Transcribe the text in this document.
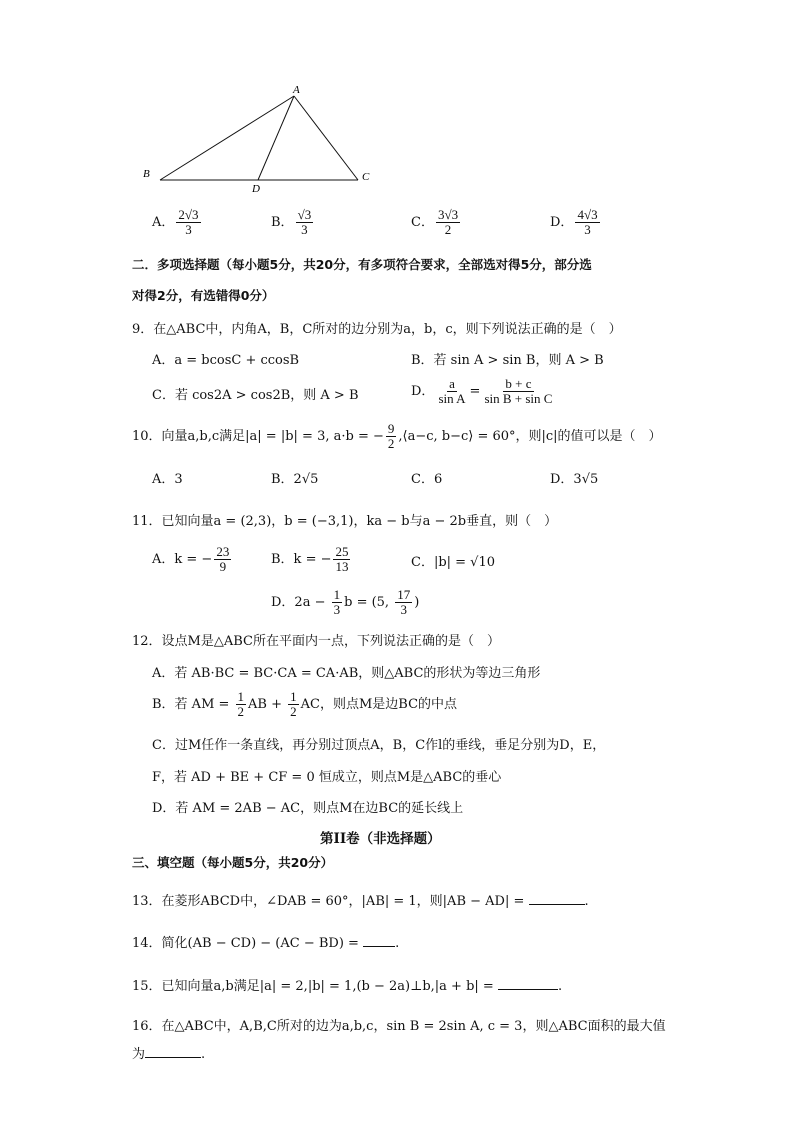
A
B	C
D
A． $\frac{2√3}{3}$	B． $\frac{√3}{3}$	C． $\frac{3√3}{2}$	D． $\frac{4√3}{3}$
二．多项选择题（每小题5分，共20分，有多项符合要求，全部选对得5分，部分选
对得2分，有选错得0分）
9．在△ABC中，内角A，B，C所对的边分别为a，b，c，则下列说法正确的是（　）
A．a = bcosC + ccosB	B．若 sin A > sin B，则 A > B
C．若 cos2A > cos2B，则 A > B	D． $\frac{a}{\text{sin A}} = \frac{b + c}{\text{sin B + sin C}}$
10．向量a,b,c满足|a| = |b| = 3, a·b = − $\frac{9}{2}$ ,⟨a−c, b−c⟩ = 60°，则|c|的值可以是（　）
A．3	B．2√5	C．6	D．3√5
11．已知向量a = (2,3)，b = (−3,1)，ka − b与a − 2b垂直，则（　）
A．k = − $\frac{23}{9}$	B．k = − $\frac{25}{13}$	C．|b| = √10
D．$2a - \frac{1}{3}$ b = (5, $\frac{17}{3}$ )
12．设点M是△ABC所在平面内一点，下列说法正确的是（　）
A．若 AB·BC = BC·CA = CA·AB，则△ABC的形状为等边三角形
B．若 AM = $\frac{1}{2}$ AB + $\frac{1}{2}$ AC，则点M是边BC的中点
C．过M任作一条直线，再分别过顶点A，B，C作l的垂线，垂足分别为D，E，
F，若 AD + BE + CF = 0 恒成立，则点M是△ABC的垂心
D．若 AM = 2AB − AC，则点M在边BC的延长线上
第II卷（非选择题）
三、填空题（每小题5分，共20分）
13．在菱形ABCD中，∠DAB = 60°，|AB| = 1，则|AB − AD| =	.
14．简化(AB − CD) − (AC − BD) = .
15．已知向量a,b满足|a| = 2,|b| = 1,(b − 2a)⊥b,|a + b| =	.
16．在△ABC中，A,B,C所对的边为a,b,c，sin B = 2sin A, c = 3，则△ABC面积的最大值
为	.
